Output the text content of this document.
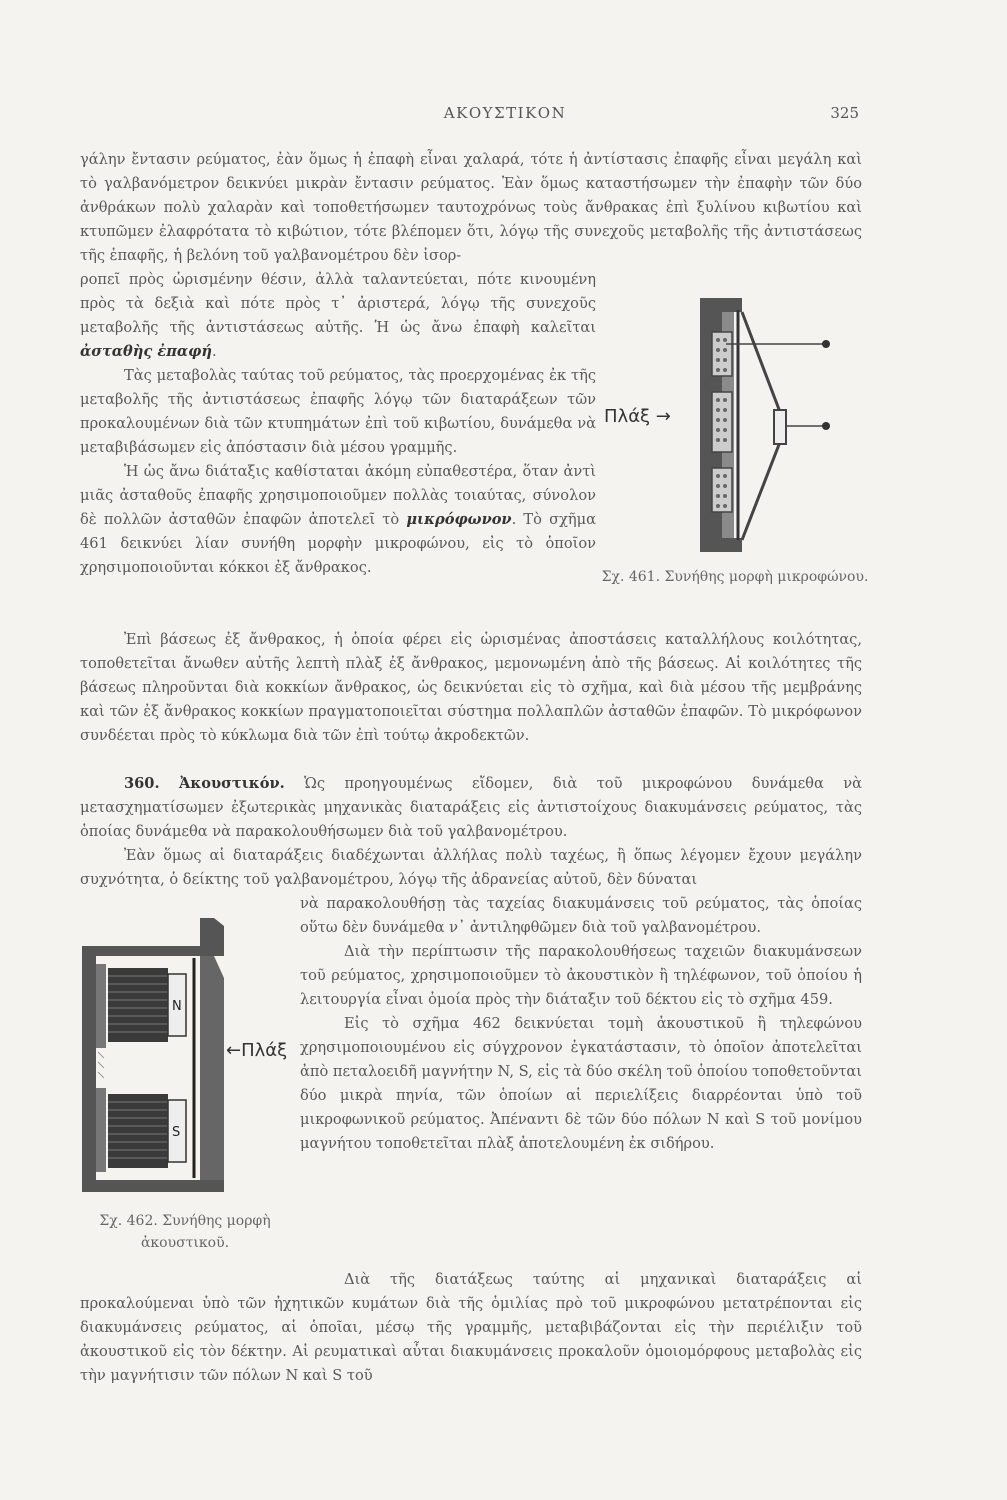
ΑΚΟΥΣΤΙΚΟΝ	325

γάλην ἔντασιν ρεύματος, ἐὰν ὅμως ἡ ἐπαφὴ εἶναι χαλαρά, τότε ἡ ἀντίστασις ἐπαφῆς εἶναι μεγάλη καὶ τὸ γαλβανόμετρον δεικνύει μικρὰν ἔντασιν ρεύματος. Ἐὰν ὅμως καταστήσωμεν τὴν ἐπαφὴν τῶν δύο ἀνθράκων πολὺ χαλαρὰν καὶ τοποθετήσωμεν ταυτοχρόνως τοὺς ἄνθρακας ἐπὶ ξυλίνου κιβωτίου καὶ κτυπῶμεν ἐλαφρότατα τὸ κιβώτιον, τότε βλέπομεν ὅτι, λόγῳ τῆς συνεχοῦς μεταβολῆς τῆς ἀντιστάσεως τῆς ἐπαφῆς, ἡ βελόνη τοῦ γαλβανομέτρου δὲν ἰσορ-

ροπεῖ πρὸς ὡρισμένην θέσιν, ἀλλὰ ταλαντεύεται, πότε κινουμένη πρὸς τὰ δεξιὰ καὶ πότε πρὸς τ᾽ ἀριστερά, λόγῳ τῆς συνεχοῦς μεταβολῆς τῆς ἀντιστάσεως αὐτῆς. Ἡ ὡς ἄνω ἐπαφὴ καλεῖται ἀσταθὴς ἐπαφή.

Τὰς μεταβολὰς ταύτας τοῦ ρεύματος, τὰς προερχομένας ἐκ τῆς μεταβολῆς τῆς ἀντιστάσεως ἐπαφῆς λόγῳ τῶν διαταράξεων τῶν προκαλουμένων διὰ τῶν κτυπημάτων ἐπὶ τοῦ κιβωτίου, δυνάμεθα νὰ μεταβιβάσωμεν εἰς ἀπόστασιν διὰ μέσου γραμμῆς.

Ἡ ὡς ἄνω διάταξις καθίσταται ἀκόμη εὐπαθεστέρα, ὅταν ἀντὶ μιᾶς ἀσταθοῦς ἐπαφῆς χρησιμοποιοῦμεν πολλὰς τοιαύτας, σύνολον δὲ πολλῶν ἀσταθῶν ἐπαφῶν ἀποτελεῖ τὸ μικρόφωνον. Τὸ σχῆμα 461 δεικνύει λίαν συνήθη μορφὴν μικροφώνου, εἰς τὸ ὁποῖον χρησιμοποιοῦνται κόκκοι ἐξ ἄνθρακος.

Πλάξ →
Σχ. 461. Συνήθης μορφὴ μικροφώνου.

Ἐπὶ βάσεως ἐξ ἄνθρακος, ἡ ὁποία φέρει εἰς ὡρισμένας ἀποστάσεις καταλλήλους κοιλότητας, τοποθετεῖται ἄνωθεν αὐτῆς λεπτὴ πλὰξ ἐξ ἄνθρακος, μεμονωμένη ἀπὸ τῆς βάσεως. Αἱ κοιλότητες τῆς βάσεως πληροῦνται διὰ κοκκίων ἄνθρακος, ὡς δεικνύεται εἰς τὸ σχῆμα, καὶ διὰ μέσου τῆς μεμβράνης καὶ τῶν ἐξ ἄνθρακος κοκκίων πραγματοποιεῖται σύστημα πολλαπλῶν ἀσταθῶν ἐπαφῶν. Τὸ μικρόφωνον συνδέεται πρὸς τὸ κύκλωμα διὰ τῶν ἐπὶ τούτῳ ἀκροδεκτῶν.

360. Ἀκουστικόν. Ὡς προηγουμένως εἴδομεν, διὰ τοῦ μικροφώνου δυνάμεθα νὰ μετασχηματίσωμεν ἐξωτερικὰς μηχανικὰς διαταράξεις εἰς ἀντιστοίχους διακυμάνσεις ρεύματος, τὰς ὁποίας δυνάμεθα νὰ παρακολουθήσωμεν διὰ τοῦ γαλβανομέτρου.

Ἐὰν ὅμως αἱ διαταράξεις διαδέχωνται ἀλλήλας πολὺ ταχέως, ἢ ὅπως λέγομεν ἔχουν μεγάλην συχνότητα, ὁ δείκτης τοῦ γαλβανομέτρου, λόγῳ τῆς ἀδρανείας αὐτοῦ, δὲν δύναται

νὰ παρακολουθήσῃ τὰς ταχείας διακυμάνσεις τοῦ ρεύματος, τὰς ὁποίας οὕτω δὲν δυνάμεθα ν᾽ ἀντιληφθῶμεν διὰ τοῦ γαλβανομέτρου.

Διὰ τὴν περίπτωσιν τῆς παρακολουθήσεως ταχειῶν διακυμάνσεων τοῦ ρεύματος, χρησιμοποιοῦμεν τὸ ἀκουστικὸν ἢ τηλέφωνον, τοῦ ὁποίου ἡ λειτουργία εἶναι ὁμοία πρὸς τὴν διάταξιν τοῦ δέκτου εἰς τὸ σχῆμα 459.

Εἰς τὸ σχῆμα 462 δεικνύεται τομὴ ἀκουστικοῦ ἢ τηλεφώνου χρησιμοποιουμένου εἰς σύγχρονον ἐγκατάστασιν, τὸ ὁποῖον ἀποτελεῖται ἀπὸ πεταλοειδῆ μαγνήτην N, S, εἰς τὰ δύο σκέλη τοῦ ὁποίου τοποθετοῦνται δύο μικρὰ πηνία, τῶν ὁποίων αἱ περιελίξεις διαρρέονται ὑπὸ τοῦ μικροφωνικοῦ ρεύματος. Ἀπέναντι δὲ τῶν δύο πόλων N καὶ S τοῦ μονίμου μαγνήτου τοποθετεῖται πλὰξ ἀποτελουμένη ἐκ σιδήρου.

N
S
←Πλάξ
Σχ. 462. Συνήθης μορφὴ ἀκουστικοῦ.

Διὰ τῆς διατάξεως ταύτης αἱ μηχανικαὶ διαταράξεις αἱ προκαλούμεναι ὑπὸ τῶν ἠχητικῶν κυμάτων διὰ τῆς ὁμιλίας πρὸ τοῦ μικροφώνου μετατρέπονται εἰς διακυμάνσεις ρεύματος, αἱ ὁποῖαι, μέσῳ τῆς γραμμῆς, μεταβιβάζονται εἰς τὴν περιέλιξιν τοῦ ἀκουστικοῦ εἰς τὸν δέκτην. Αἱ ρευματικαὶ αὗται διακυμάνσεις προκαλοῦν ὁμοιομόρφους μεταβολὰς εἰς τὴν μαγνήτισιν τῶν πόλων N καὶ S τοῦ
